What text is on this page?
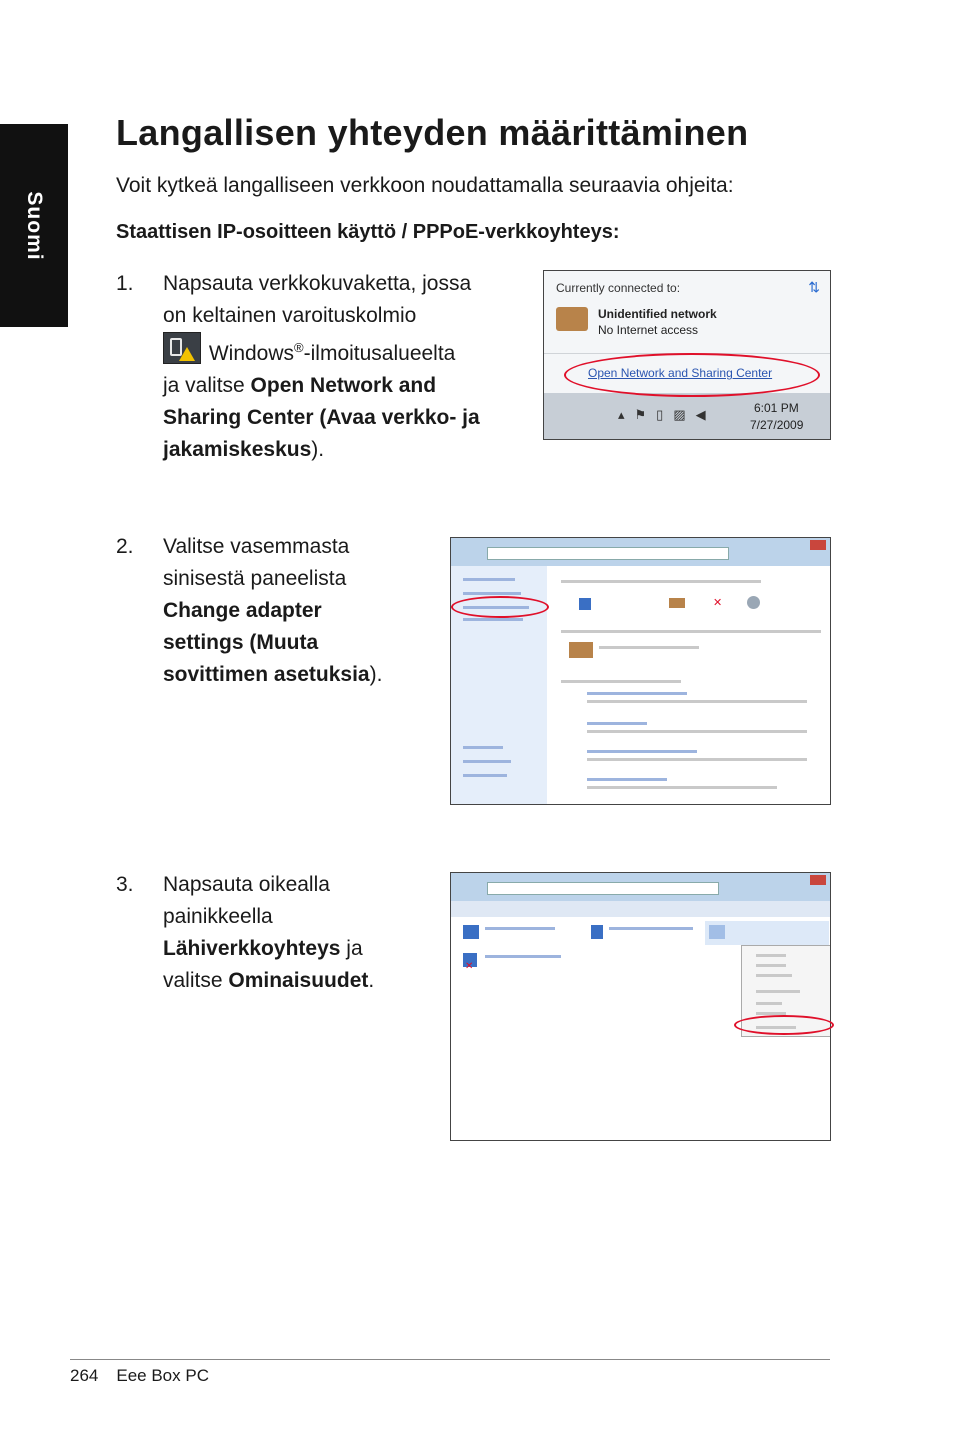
Suomi
Langallisen yhteyden määrittäminen
Voit kytkeä langalliseen verkkoon noudattamalla seuraavia ohjeita:
Staattisen IP-osoitteen käyttö / PPPoE-verkkoyhteys:
1. Napsauta verkkokuvaketta, jossa
on keltainen varoituskolmio
! Windows®-ilmoitusalueelta
ja valitse Open Network and
Sharing Center (Avaa verkko- ja
jakamiskeskus).
Currently connected to:	⇅
Unidentified network
No Internet access
Open Network and Sharing Center
▴⚑▯▨◀	6:01 PM
7/27/2009
2. Valitse vasemmasta
sinisestä paneelista
Change adapter
settings (Muuta
sovittimen asetuksia).
✕
3. Napsauta oikealla
painikkeella
Lähiverkkoyhteys ja
valitse Ominaisuudet.
✕
264 Eee Box PC
